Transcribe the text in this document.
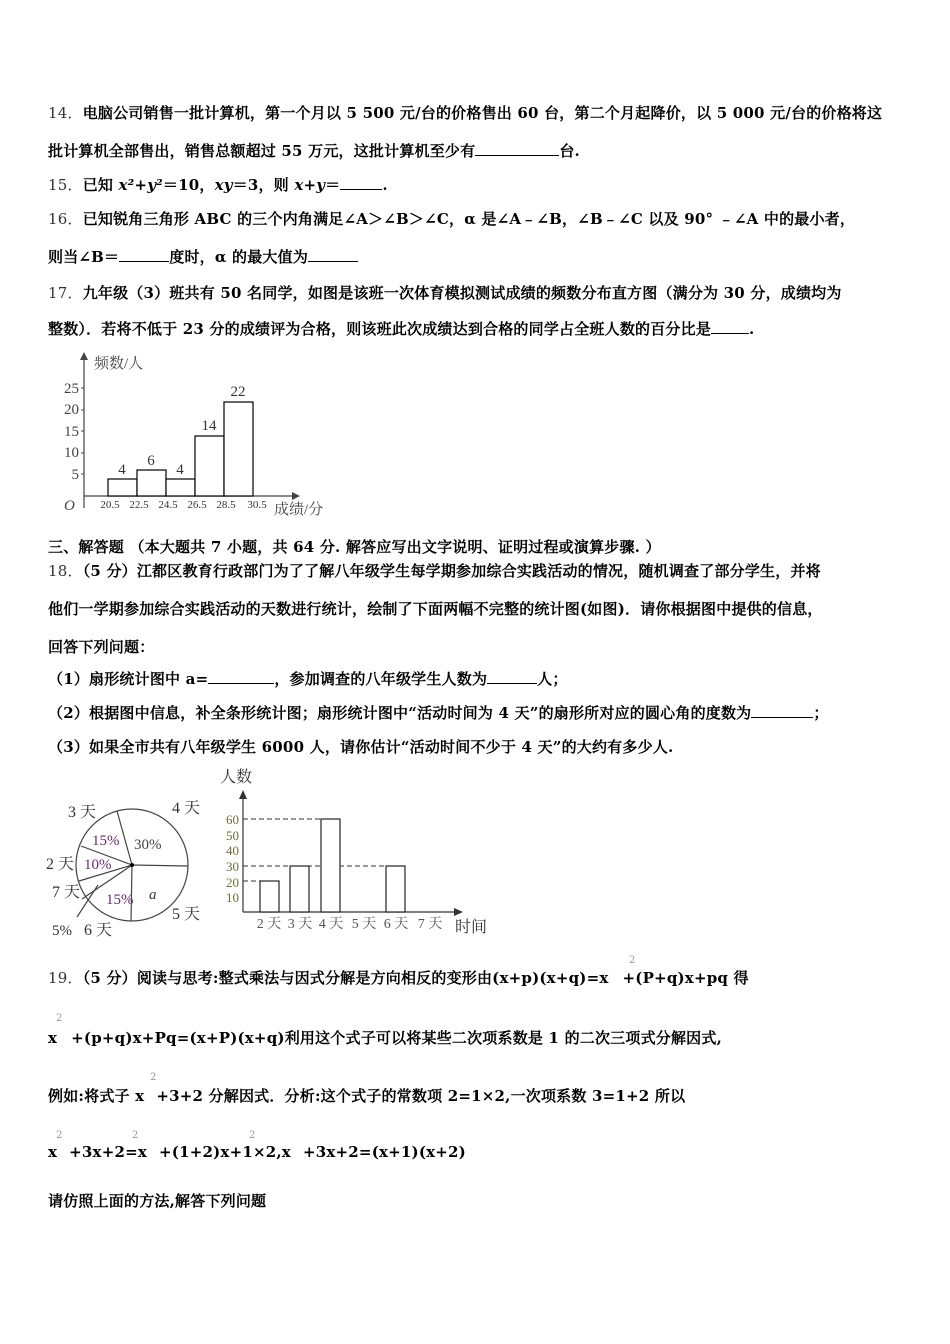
14．电脑公司销售一批计算机，第一个月以 5 500 元/台的价格售出 60 台，第二个月起降价，以 5 000 元/台的价格将这
批计算机全部售出，销售总额超过 55 万元，这批计算机至少有	台.
15．已知 x²+y²＝10，xy＝3，则 x+y＝	.
16．已知锐角三角形 ABC 的三个内角满足∠A＞∠B＞∠C，α 是∠A﹣∠B，∠B﹣∠C 以及 90° ﹣∠A 中的最小者，
则当∠B＝	度时，α 的最大值为
17．九年级（3）班共有 50 名同学，如图是该班一次体育模拟测试成绩的频数分布直方图（满分为 30 分，成绩均为
整数）．若将不低于 23 分的成绩评为合格，则该班此次成绩达到合格的同学占全班人数的百分比是	.
频数/人
成绩/分
O
5
10
15
20
25
4
6
4
14
22
20.5 22.5 24.5 26.5 28.5 30.5
三、解答题 （本大题共 7 小题，共 64 分. 解答应写出文字说明、证明过程或演算步骤. ）
18．（5 分）江都区教育行政部门为了了解八年级学生每学期参加综合实践活动的情况，随机调查了部分学生，并将
他们一学期参加综合实践活动的天数进行统计，绘制了下面两幅不完整的统计图(如图)．请你根据图中提供的信息，
回答下列问题：
（1）扇形统计图中 a=	，参加调查的八年级学生人数为	人；
（2）根据图中信息，补全条形统计图；扇形统计图中“活动时间为 4 天”的扇形所对应的圆心角的度数为	；
（3）如果全市共有八年级学生 6000 人，请你估计“活动时间不少于 4 天”的大约有多少人.
30%
a
15%
5%
10%
15%
4 天
5 天
6 天
7 天
2 天
3 天
人数
10
20
30
40
50
60
2 天 3 天 4 天 5 天 6 天 7 天 时间
19．（5 分）阅读与思考:整式乘法与因式分解是方向相反的变形由(x+p)(x+q)=x +(P+q)x+pq 得
2
x +(p+q)x+Pq=(x+P)(x+q)利用这个式子可以将某些二次项系数是 1 的二次三项式分解因式,
2
例如:将式子 x +3+2 分解因式．分析:这个式子的常数项 2=1×2,一次项系数 3=1+2 所以
2
x +3x+2=x +(1+2)x+1×2,x +3x+2=(x+1)(x+2)
2	2	2
请仿照上面的方法,解答下列问题
